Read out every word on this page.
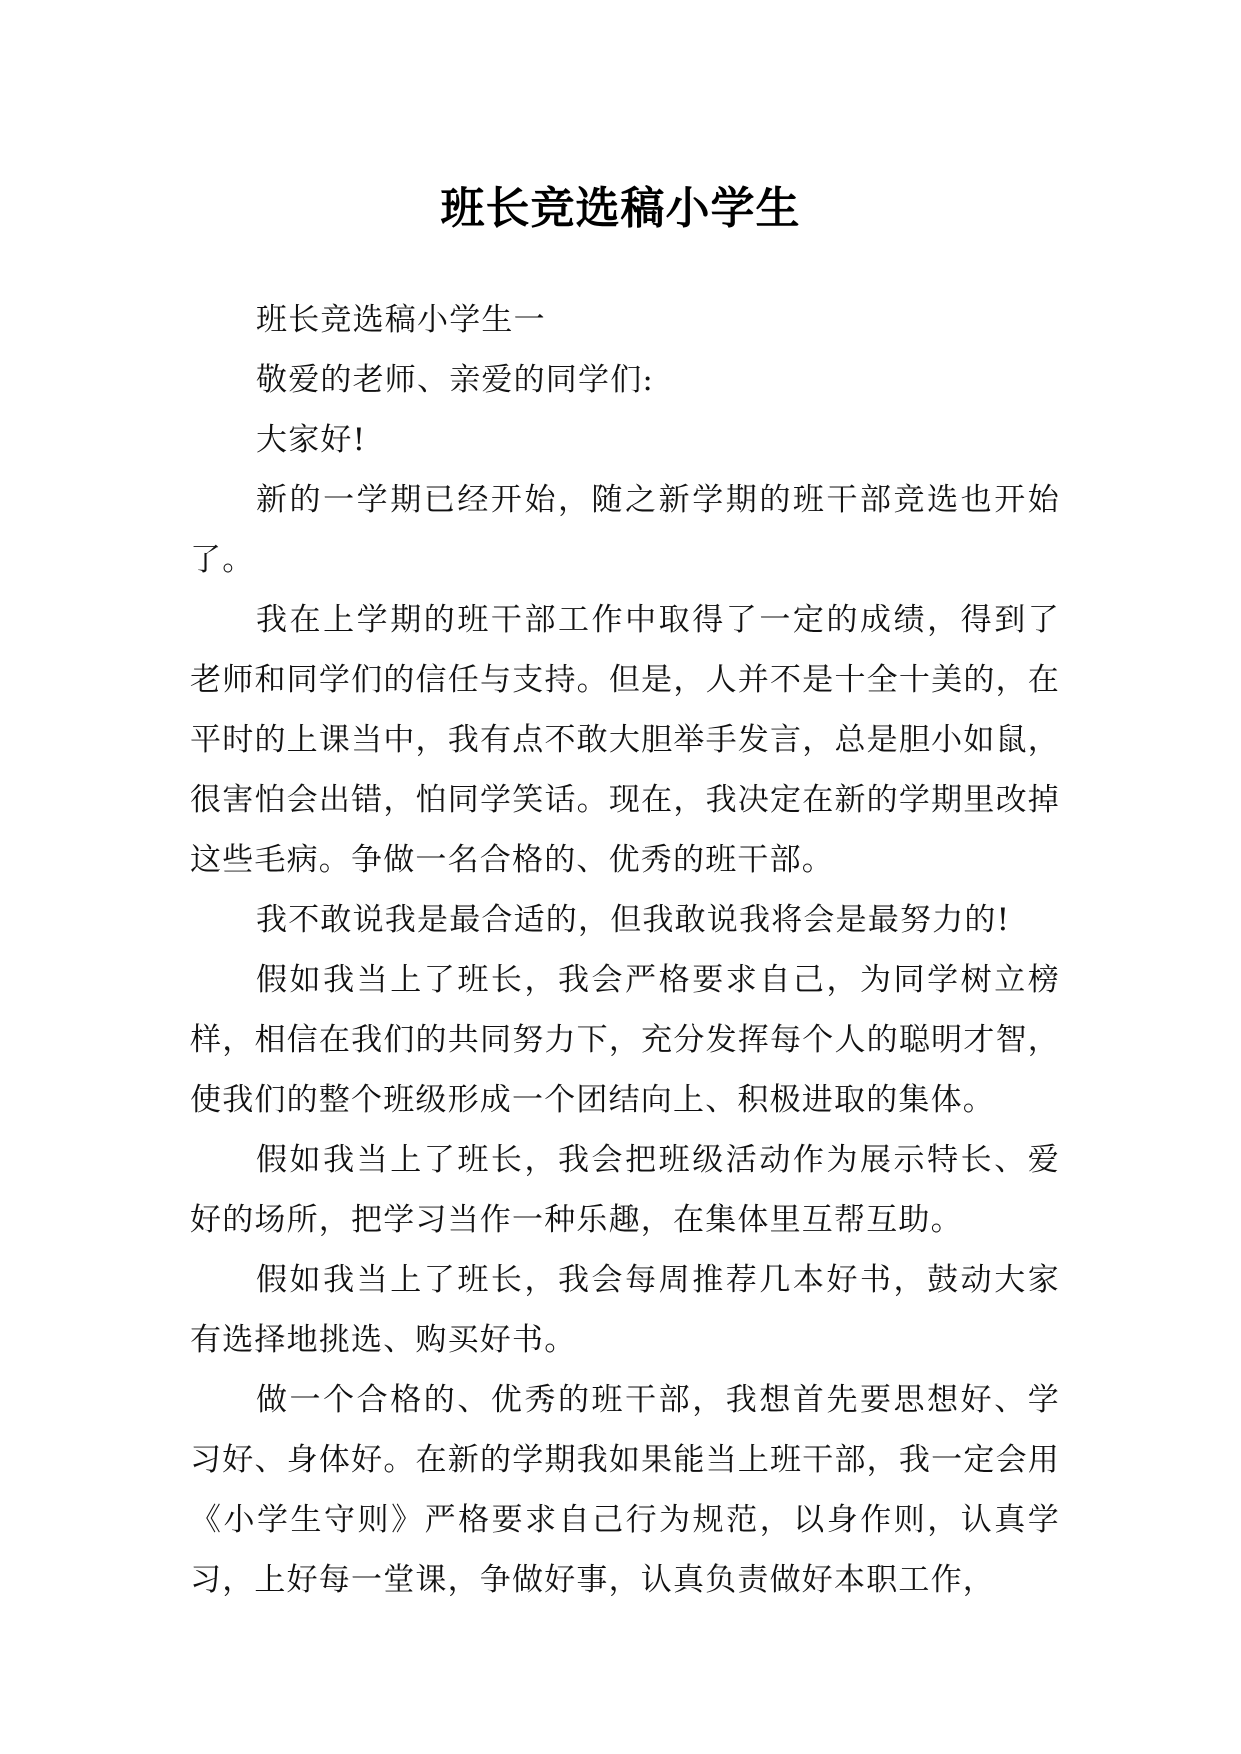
班长竞选稿小学生

班长竞选稿小学生一

敬爱的老师、亲爱的同学们:

大家好!

新的一学期已经开始，随之新学期的班干部竞选也开始了。

我在上学期的班干部工作中取得了一定的成绩，得到了老师和同学们的信任与支持。但是，人并不是十全十美的，在平时的上课当中，我有点不敢大胆举手发言，总是胆小如鼠，很害怕会出错，怕同学笑话。现在，我决定在新的学期里改掉这些毛病。争做一名合格的、优秀的班干部。

我不敢说我是最合适的，但我敢说我将会是最努力的!

假如我当上了班长，我会严格要求自己，为同学树立榜样，相信在我们的共同努力下，充分发挥每个人的聪明才智，使我们的整个班级形成一个团结向上、积极进取的集体。

假如我当上了班长，我会把班级活动作为展示特长、爱好的场所，把学习当作一种乐趣，在集体里互帮互助。

假如我当上了班长，我会每周推荐几本好书，鼓动大家有选择地挑选、购买好书。

做一个合格的、优秀的班干部，我想首先要思想好、学习好、身体好。在新的学期我如果能当上班干部，我一定会用《小学生守则》严格要求自己行为规范，以身作则，认真学习，上好每一堂课，争做好事，认真负责做好本职工作，
